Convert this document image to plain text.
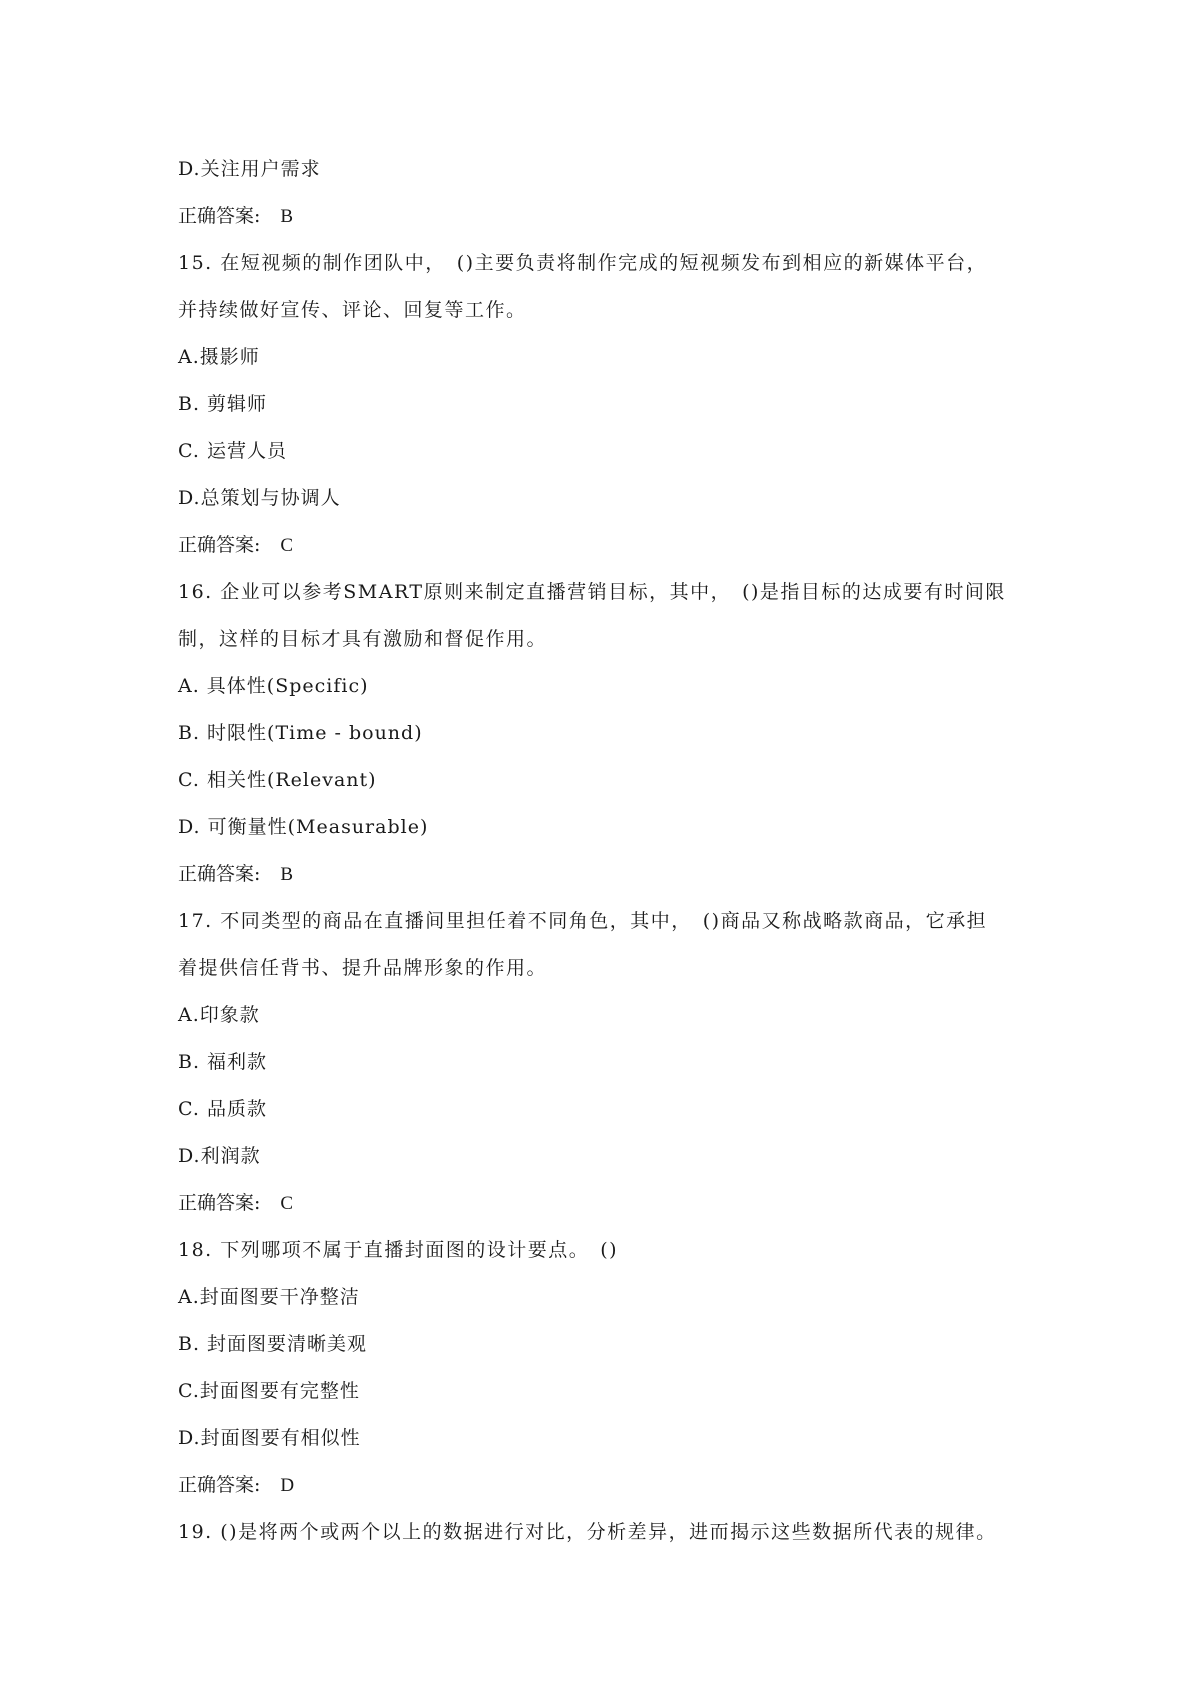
D.关注用户需求
正确答案: B
15. 在短视频的制作团队中，　()主要负责将制作完成的短视频发布到相应的新媒体平台，
并持续做好宣传、评论、回复等工作。
A.摄影师
B. 剪辑师
C. 运营人员
D.总策划与协调人
正确答案: C
16. 企业可以参考SMART原则来制定直播营销目标，其中，　()是指目标的达成要有时间限
制，这样的目标才具有激励和督促作用。
A. 具体性(Specific)
B. 时限性(Time - bound)
C. 相关性(Relevant)
D. 可衡量性(Measurable)
正确答案: B
17. 不同类型的商品在直播间里担任着不同角色，其中，　()商品又称战略款商品，它承担
着提供信任背书、提升品牌形象的作用。
A.印象款
B. 福利款
C. 品质款
D.利润款
正确答案: C
18. 下列哪项不属于直播封面图的设计要点。　()
A.封面图要干净整洁
B. 封面图要清晰美观
C.封面图要有完整性
D.封面图要有相似性
正确答案: D
19. ()是将两个或两个以上的数据进行对比，分析差异，进而揭示这些数据所代表的规律。
